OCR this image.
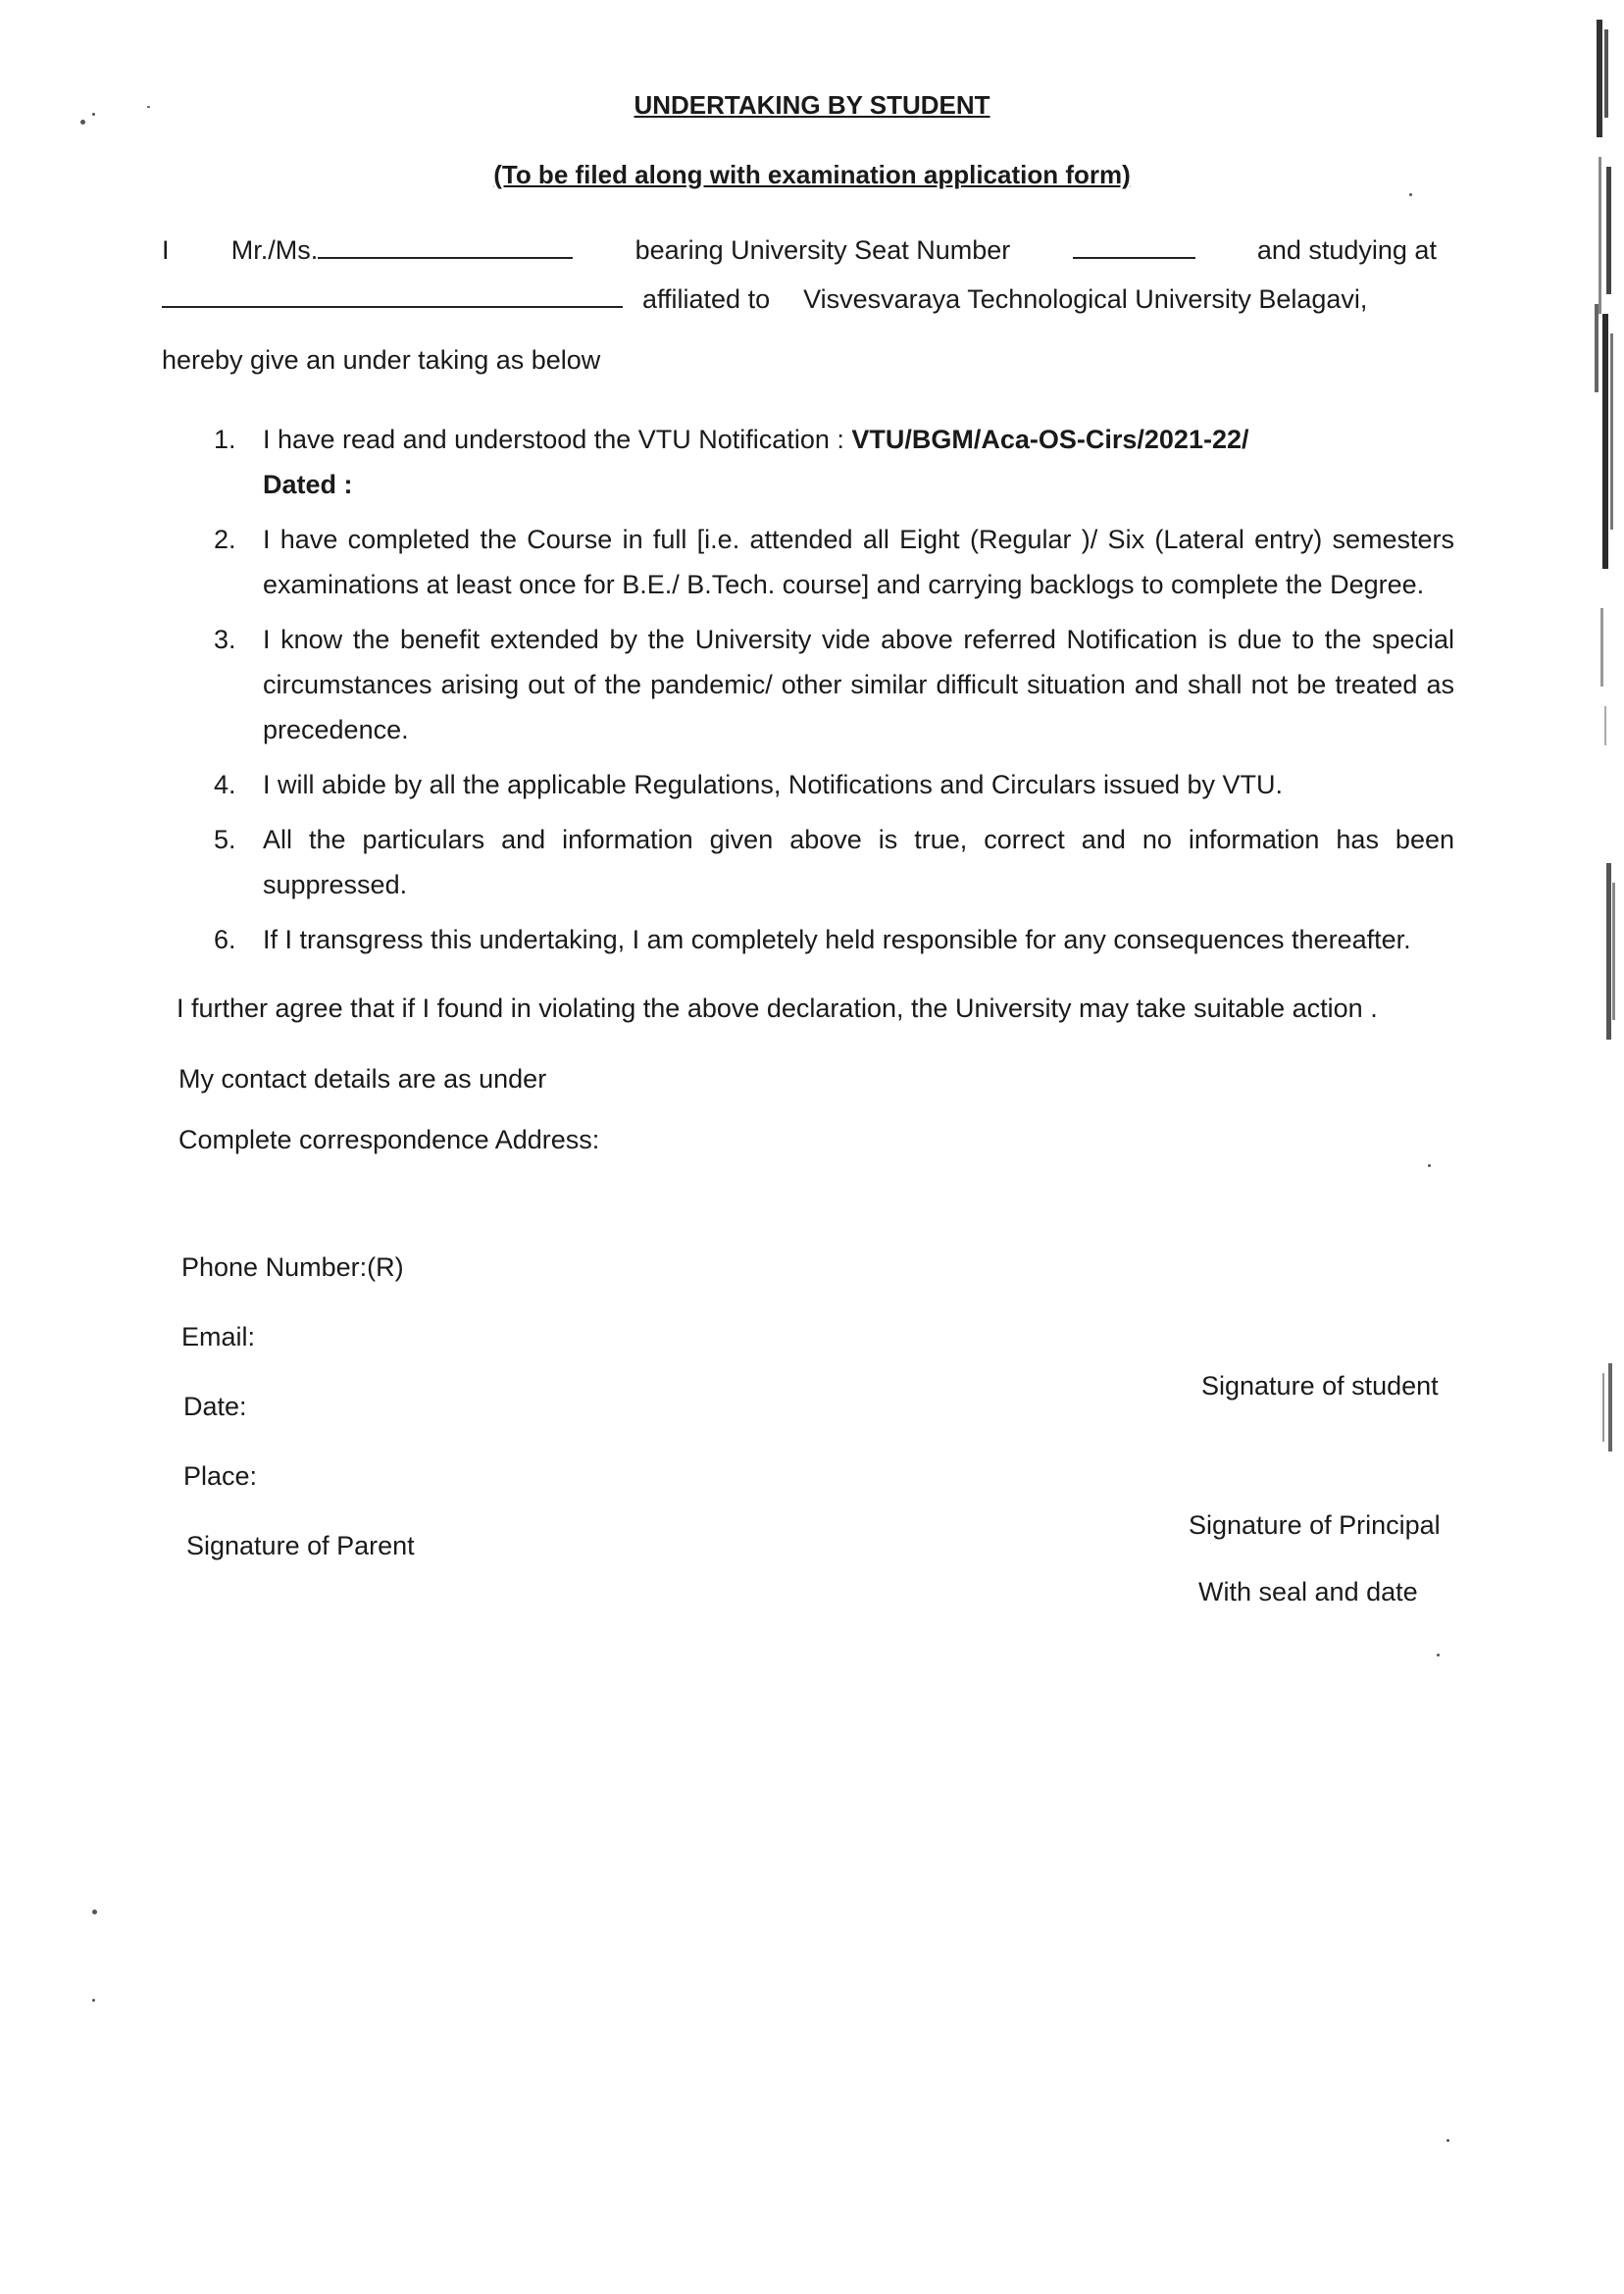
UNDERTAKING BY STUDENT
(To be filed along with examination application form)
I Mr./Ms.	bearing University Seat Number	and studying at
affiliated to Visvesvaraya Technological University Belagavi,
hereby give an under taking as below
1.	I have read and understood the VTU Notification : VTU/BGM/Aca-OS-Cirs/2021-22/
Dated :
2.	I have completed the Course in full [i.e. attended all Eight (Regular )/ Six (Lateral entry) semesters examinations at least once for B.E./ B.Tech. course] and carrying backlogs to complete the Degree.
3.	I know the benefit extended by the University vide above referred Notification is due to the special circumstances arising out of the pandemic/ other similar difficult situation and shall not be treated as precedence.
4.	I will abide by all the applicable Regulations, Notifications and Circulars issued by VTU.
5.	All the particulars and information given above is true, correct and no information has been suppressed.
6.	If I transgress this undertaking, I am completely held responsible for any consequences thereafter.
I further agree that if I found in violating the above declaration, the University may take suitable action .
My contact details are as under
Complete correspondence Address:
Phone Number:(R)
Email:
Date:
Place:
Signature of Parent
Signature of student
Signature of Principal
With seal and date
